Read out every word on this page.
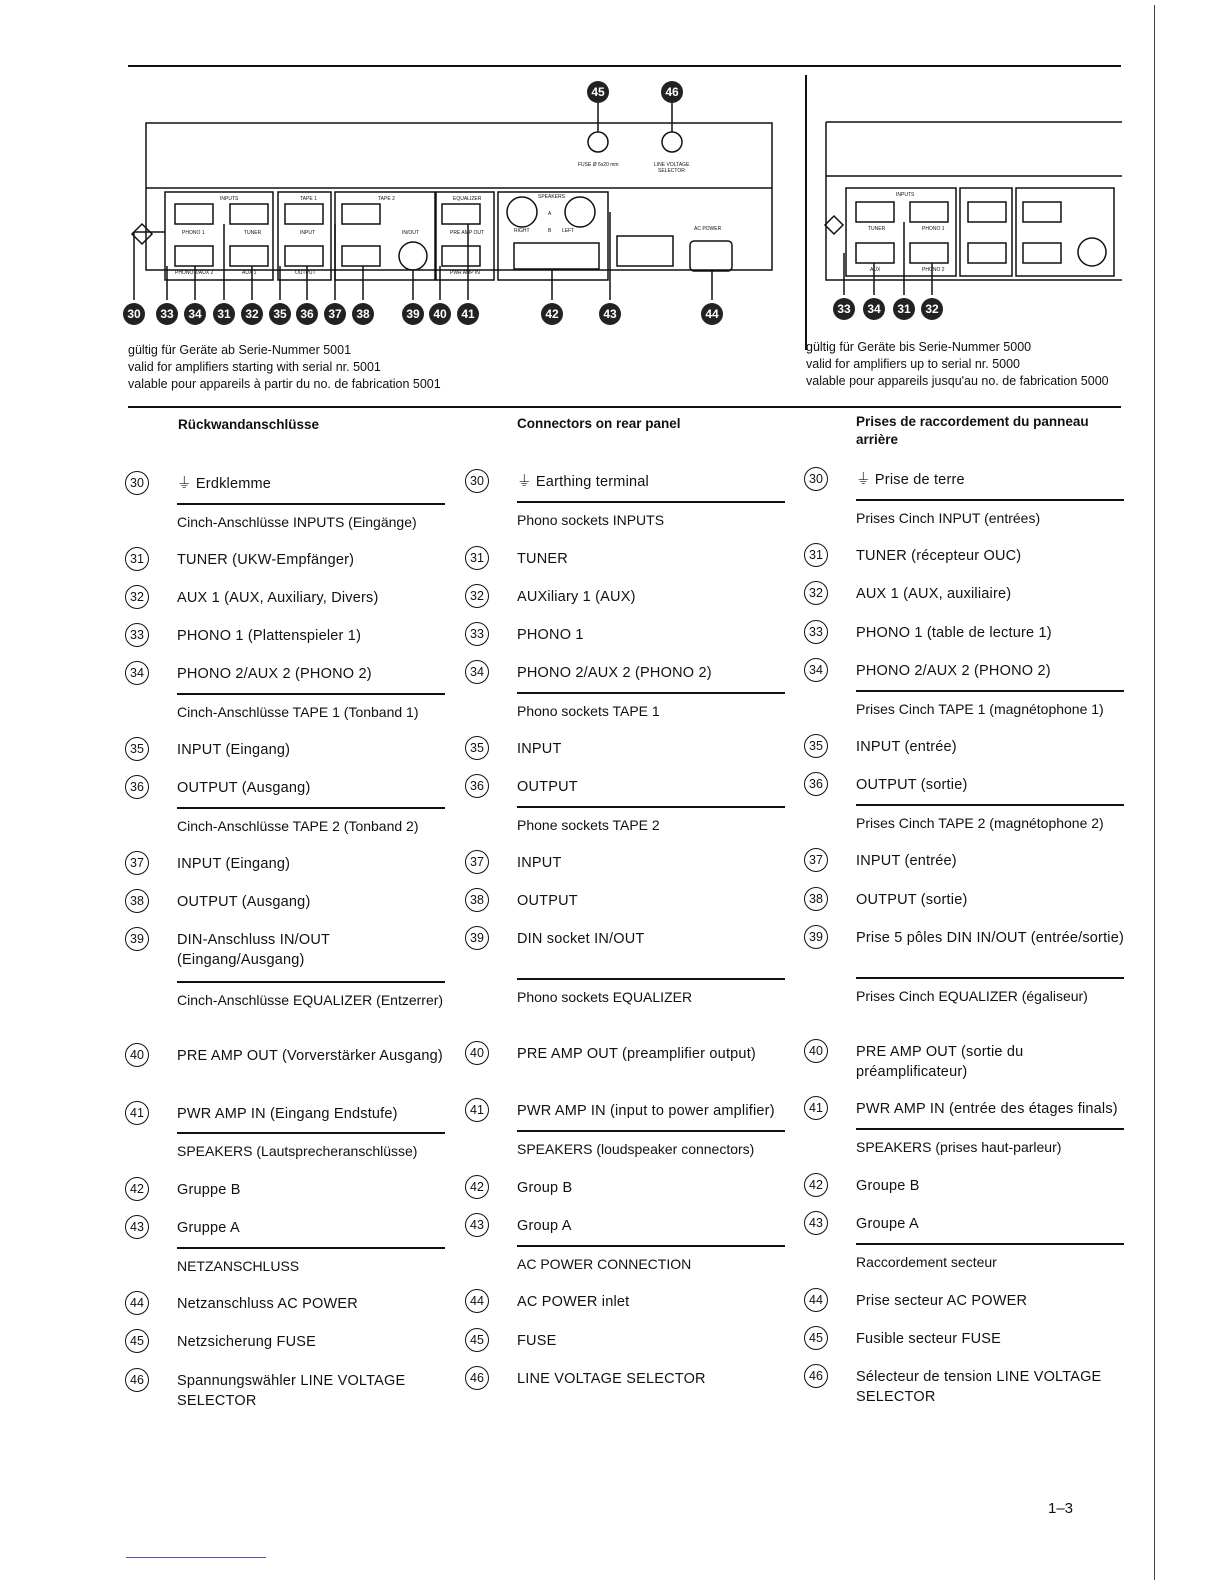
INPUTS	TAPE 1	TAPE 2	EQUALIZER	SPEAKERS
FUSE Ø 5x20 mm	LINE VOLTAGE
SELECTOR
AC POWER
PHONO 1	TUNER	INPUT	IN/OUT	PRE AMP OUT
PHONO 2/AUX 2	AUX 1	OUTPUT	PWR AMP IN
RIGHT	LEFT
A
B
45	46
30 33 34 31 32 35 36 37 38	39 40 41	42	43	44
INPUTS
TUNER	PHONO 1
AUX	PHONO 2
33 34 31 32
gültig für Geräte ab Serie-Nummer 5001
valid for amplifiers starting with serial nr. 5001
valable pour appareils à partir du no. de fabrication 5001
gültig für Geräte bis Serie-Nummer 5000
valid for amplifiers up to serial nr. 5000
valable pour appareils jusqu'au no. de fabrication 5000
Rückwandanschlüsse	Connectors on rear panel	Prises de raccordement du panneau arrière
30	⏚ Erdklemme
Cinch-Anschlüsse INPUTS (Eingänge)
31	TUNER (UKW-Empfänger)
32	AUX 1 (AUX, Auxiliary, Divers)
33	PHONO 1 (Plattenspieler 1)
34	PHONO 2/AUX 2 (PHONO 2)
Cinch-Anschlüsse TAPE 1 (Tonband 1)
35	INPUT (Eingang)
36	OUTPUT (Ausgang)
Cinch-Anschlüsse TAPE 2 (Tonband 2)
37	INPUT (Eingang)
38	OUTPUT (Ausgang)
39	DIN-Anschluss IN/OUT (Eingang/Ausgang)
Cinch-Anschlüsse EQUALIZER (Entzerrer)
40	PRE AMP OUT (Vorverstärker Ausgang)
41	PWR AMP IN (Eingang Endstufe)
SPEAKERS (Lautsprecheranschlüsse)
42	Gruppe B
43	Gruppe A
NETZANSCHLUSS
44	Netzanschluss AC POWER
45	Netzsicherung FUSE
46	Spannungswähler LINE VOLTAGE SELECTOR
30	⏚ Earthing terminal
Phono sockets INPUTS
31	TUNER
32	AUXiliary 1 (AUX)
33	PHONO 1
34	PHONO 2/AUX 2 (PHONO 2)
Phono sockets TAPE 1
35	INPUT
36	OUTPUT
Phone sockets TAPE 2
37	INPUT
38	OUTPUT
39	DIN socket IN/OUT
Phono sockets EQUALIZER
40	PRE AMP OUT (preamplifier output)
41	PWR AMP IN (input to power amplifier)
SPEAKERS (loudspeaker connectors)
42	Group B
43	Group A
AC POWER CONNECTION
44	AC POWER inlet
45	FUSE
46	LINE VOLTAGE SELECTOR
30	⏚ Prise de terre
Prises Cinch INPUT (entrées)
31	TUNER (récepteur OUC)
32	AUX 1 (AUX, auxiliaire)
33	PHONO 1 (table de lecture 1)
34	PHONO 2/AUX 2 (PHONO 2)
Prises Cinch TAPE 1 (magnétophone 1)
35	INPUT (entrée)
36	OUTPUT (sortie)
Prises Cinch TAPE 2 (magnétophone 2)
37	INPUT (entrée)
38	OUTPUT (sortie)
39	Prise 5 pôles DIN IN/OUT (entrée/sortie)
Prises Cinch EQUALIZER (égaliseur)
40	PRE AMP OUT (sortie du préamplificateur)
41	PWR AMP IN (entrée des étages finals)
SPEAKERS (prises haut-parleur)
42	Groupe B
43	Groupe A
Raccordement secteur
44	Prise secteur AC POWER
45	Fusible secteur FUSE
46	Sélecteur de tension LINE VOLTAGE SELECTOR
1–3
